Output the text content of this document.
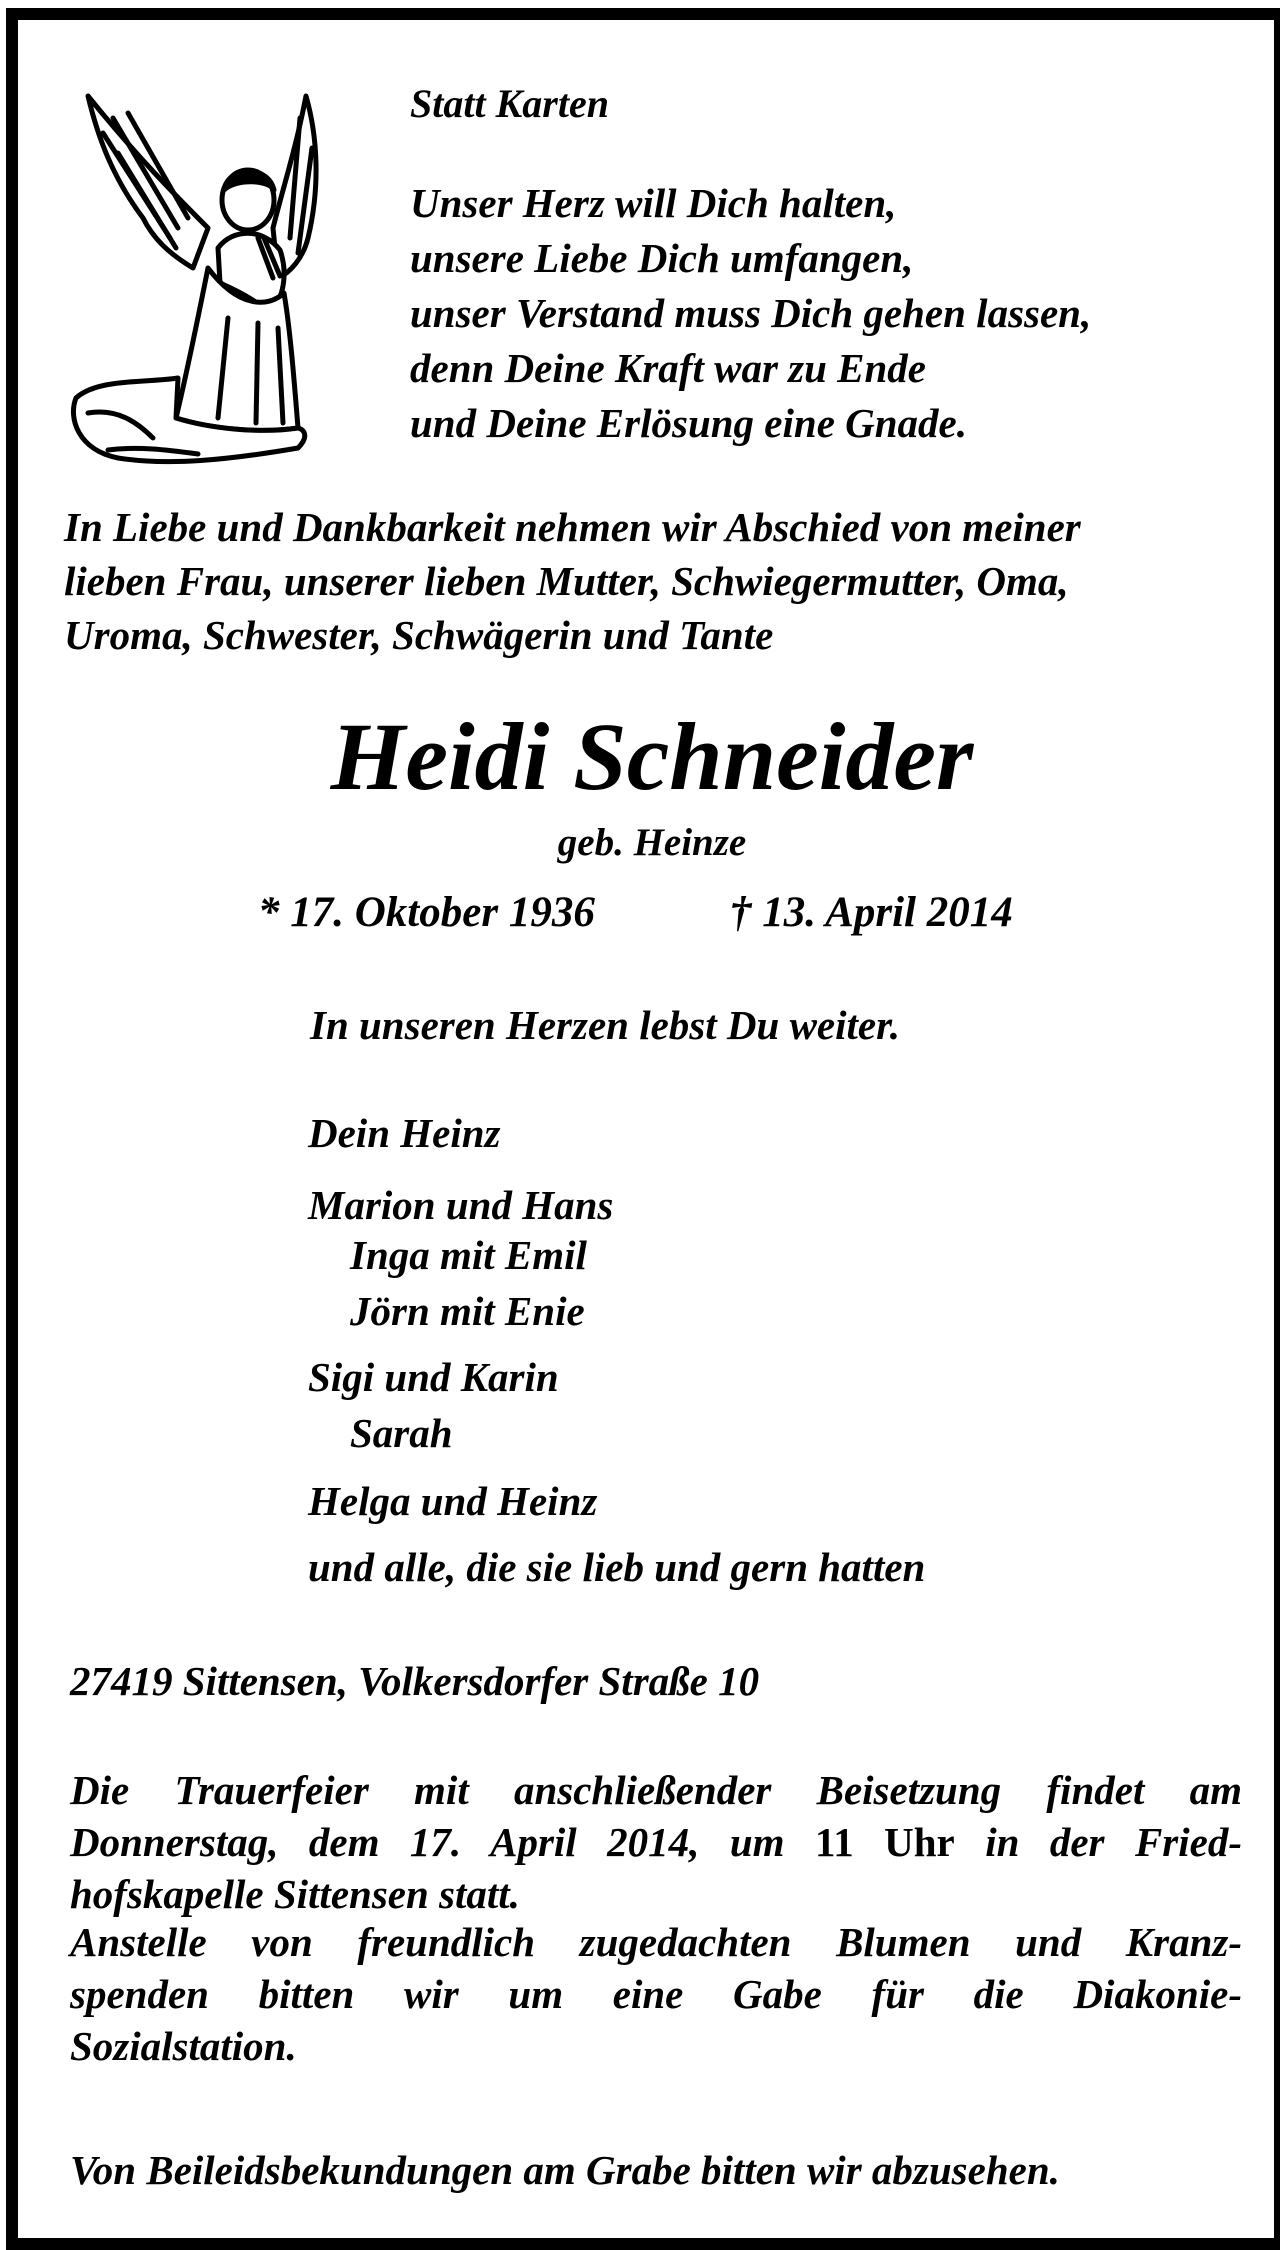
Statt Karten
Unser Herz will Dich halten,
unsere Liebe Dich umfangen,
unser Verstand muss Dich gehen lassen,
denn Deine Kraft war zu Ende
und Deine Erlösung eine Gnade.
In Liebe und Dankbarkeit nehmen wir Abschied von meiner
lieben Frau, unserer lieben Mutter, Schwiegermutter, Oma,
Uroma, Schwester, Schwägerin und Tante
Heidi Schneider
geb. Heinze
* 17. Oktober 1936	† 13. April 2014
In unseren Herzen lebst Du weiter.
Dein Heinz
Marion und Hans
Inga mit Emil
Jörn mit Enie
Sigi und Karin
Sarah
Helga und Heinz
und alle, die sie lieb und gern hatten
27419 Sittensen, Volkersdorfer Straße 10
Die Trauerfeier mit anschließender Beisetzung findet am
Donnerstag, dem 17. April 2014, um 11 Uhr in der Fried-
hofskapelle Sittensen statt.
Anstelle von freundlich zugedachten Blumen und Kranz-
spenden bitten wir um eine Gabe für die Diakonie-
Sozialstation.
Von Beileidsbekundungen am Grabe bitten wir abzusehen.
